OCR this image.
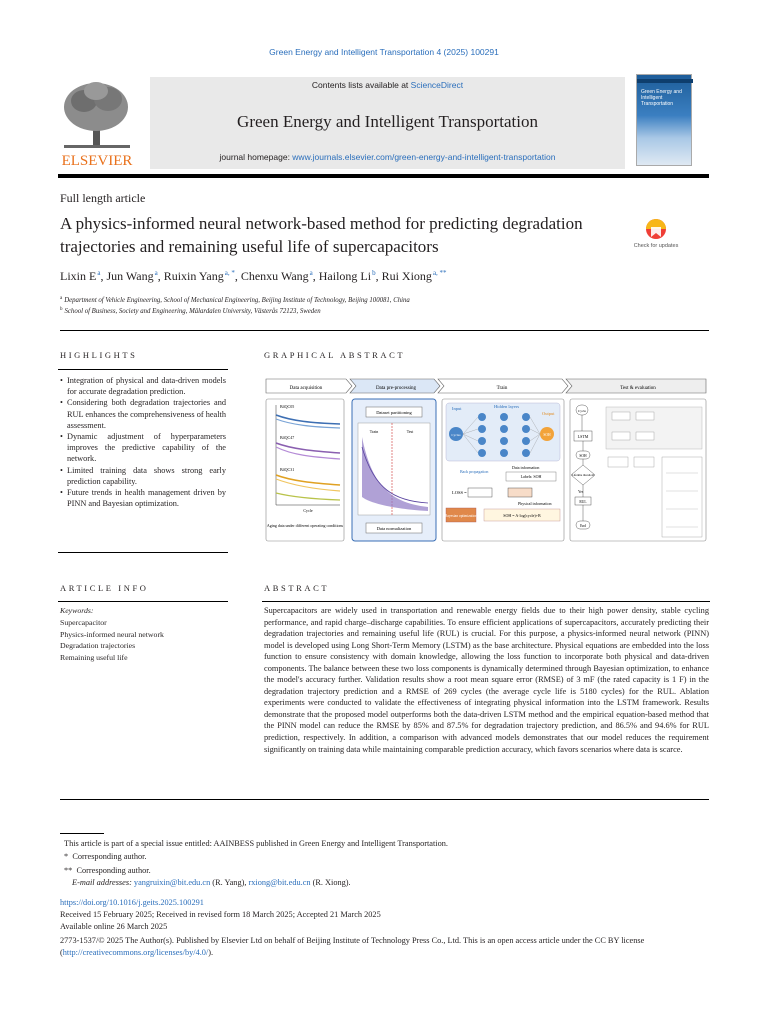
Green Energy and Intelligent Transportation 4 (2025) 100291
Contents lists available at ScienceDirect
Green Energy and Intelligent Transportation
journal homepage: www.journals.elsevier.com/green-energy-and-intelligent-transportation
ELSEVIER
Green Energy and Intelligent Transportation
Full length article
A physics-informed neural network-based method for predicting degradation trajectories and remaining useful life of supercapacitors	Check for updates
Lixin $E^a$, Jun Wang$^a$, Ruixin Yang$^{a, *}$, Chenxu Wang$^a$, Hailong Li$^b$, Rui Xiong$^{a, **}$
$^a$ Department of Vehicle Engineering, School of Mechanical Engineering, Beijing Institute of Technology, Beijing 100081, China
$^b$ School of Business, Society and Engineering, Mälardalen University, Västerås 72123, Sweden
HIGHLIGHTS
• Integration of physical and data-driven models for accurate degradation prediction.
• Considering both degradation trajectories and RUL enhances the comprehensiveness of health assessment.
• Dynamic adjustment of hyperparameters improves the predictive capability of the network.
• Limited training data shows strong early prediction capability.
• Future trends in health management driven by PINN and Bayesian optimization.
GRAPHICAL ABSTRACT
Data acquisition	Data pre-processing	Train	Test & evaluation
B4QC05
B4QC47
B4QC31
Cycle
Aging data under different operating conditions
Dataset partitioning
Train	Test
Data normalization
Input	Hidden layers
Output
Cycles	SOH
Back propagation
Data information
Labels: SOH
LOSS =
Physical information
Bayesian optimization	SOH = A·log(cycle)+B
Cycle
LSTM
SOH
Lifetime threshold
Yes
RUL
End
ARTICLE INFO
Keywords:
Supercapacitor
Physics-informed neural network
Degradation trajectories
Remaining useful life
ABSTRACT
Supercapacitors are widely used in transportation and renewable energy fields due to their high power density, stable cycling performance, and rapid charge–discharge capabilities. To ensure efficient applications of supercapacitors, accurately predicting their degradation trajectories and remaining useful life (RUL) is crucial. For this purpose, a physics-informed neural network (PINN) model is developed using Long Short-Term Memory (LSTM) as the base architecture. Physical equations are embedded into the loss function to ensure consistency with domain knowledge, allowing the loss function to incorporate both physical and data-driven components. The balance between these two loss components is dynamically determined through Bayesian optimization, to enhance the model's accuracy further. Validation results show a root mean square error (RMSE) of 3 mF (the rated capacity is 1 F) in the degradation trajectory prediction and a RMSE of 269 cycles (the average cycle life is 5180 cycles) for the RUL. Ablation experiments were conducted to validate the effectiveness of integrating physical information into the LSTM framework. Results demonstrate that the proposed model outperforms both the data-driven LSTM method and the empirical equation-based method that the PINN model can reduce the RMSE by 85% and 87.5% for degradation trajectory prediction, and 86.5% and 94.6% for RUL prediction, respectively. In addition, a comparison with advanced models demonstrates that our model reduces the requirement significantly on training data while maintaining comparable prediction accuracy, which favors scenarios where data is scarce.
This article is part of a special issue entitled: AAINBESS published in Green Energy and Intelligent Transportation.
* Corresponding author.
** Corresponding author.
E-mail addresses: yangruixin@bit.edu.cn (R. Yang), rxiong@bit.edu.cn (R. Xiong).
https://doi.org/10.1016/j.geits.2025.100291
Received 15 February 2025; Received in revised form 18 March 2025; Accepted 21 March 2025
Available online 26 March 2025
2773-1537/© 2025 The Author(s). Published by Elsevier Ltd on behalf of Beijing Institute of Technology Press Co., Ltd. This is an open access article under the CC BY license (http://creativecommons.org/licenses/by/4.0/).
